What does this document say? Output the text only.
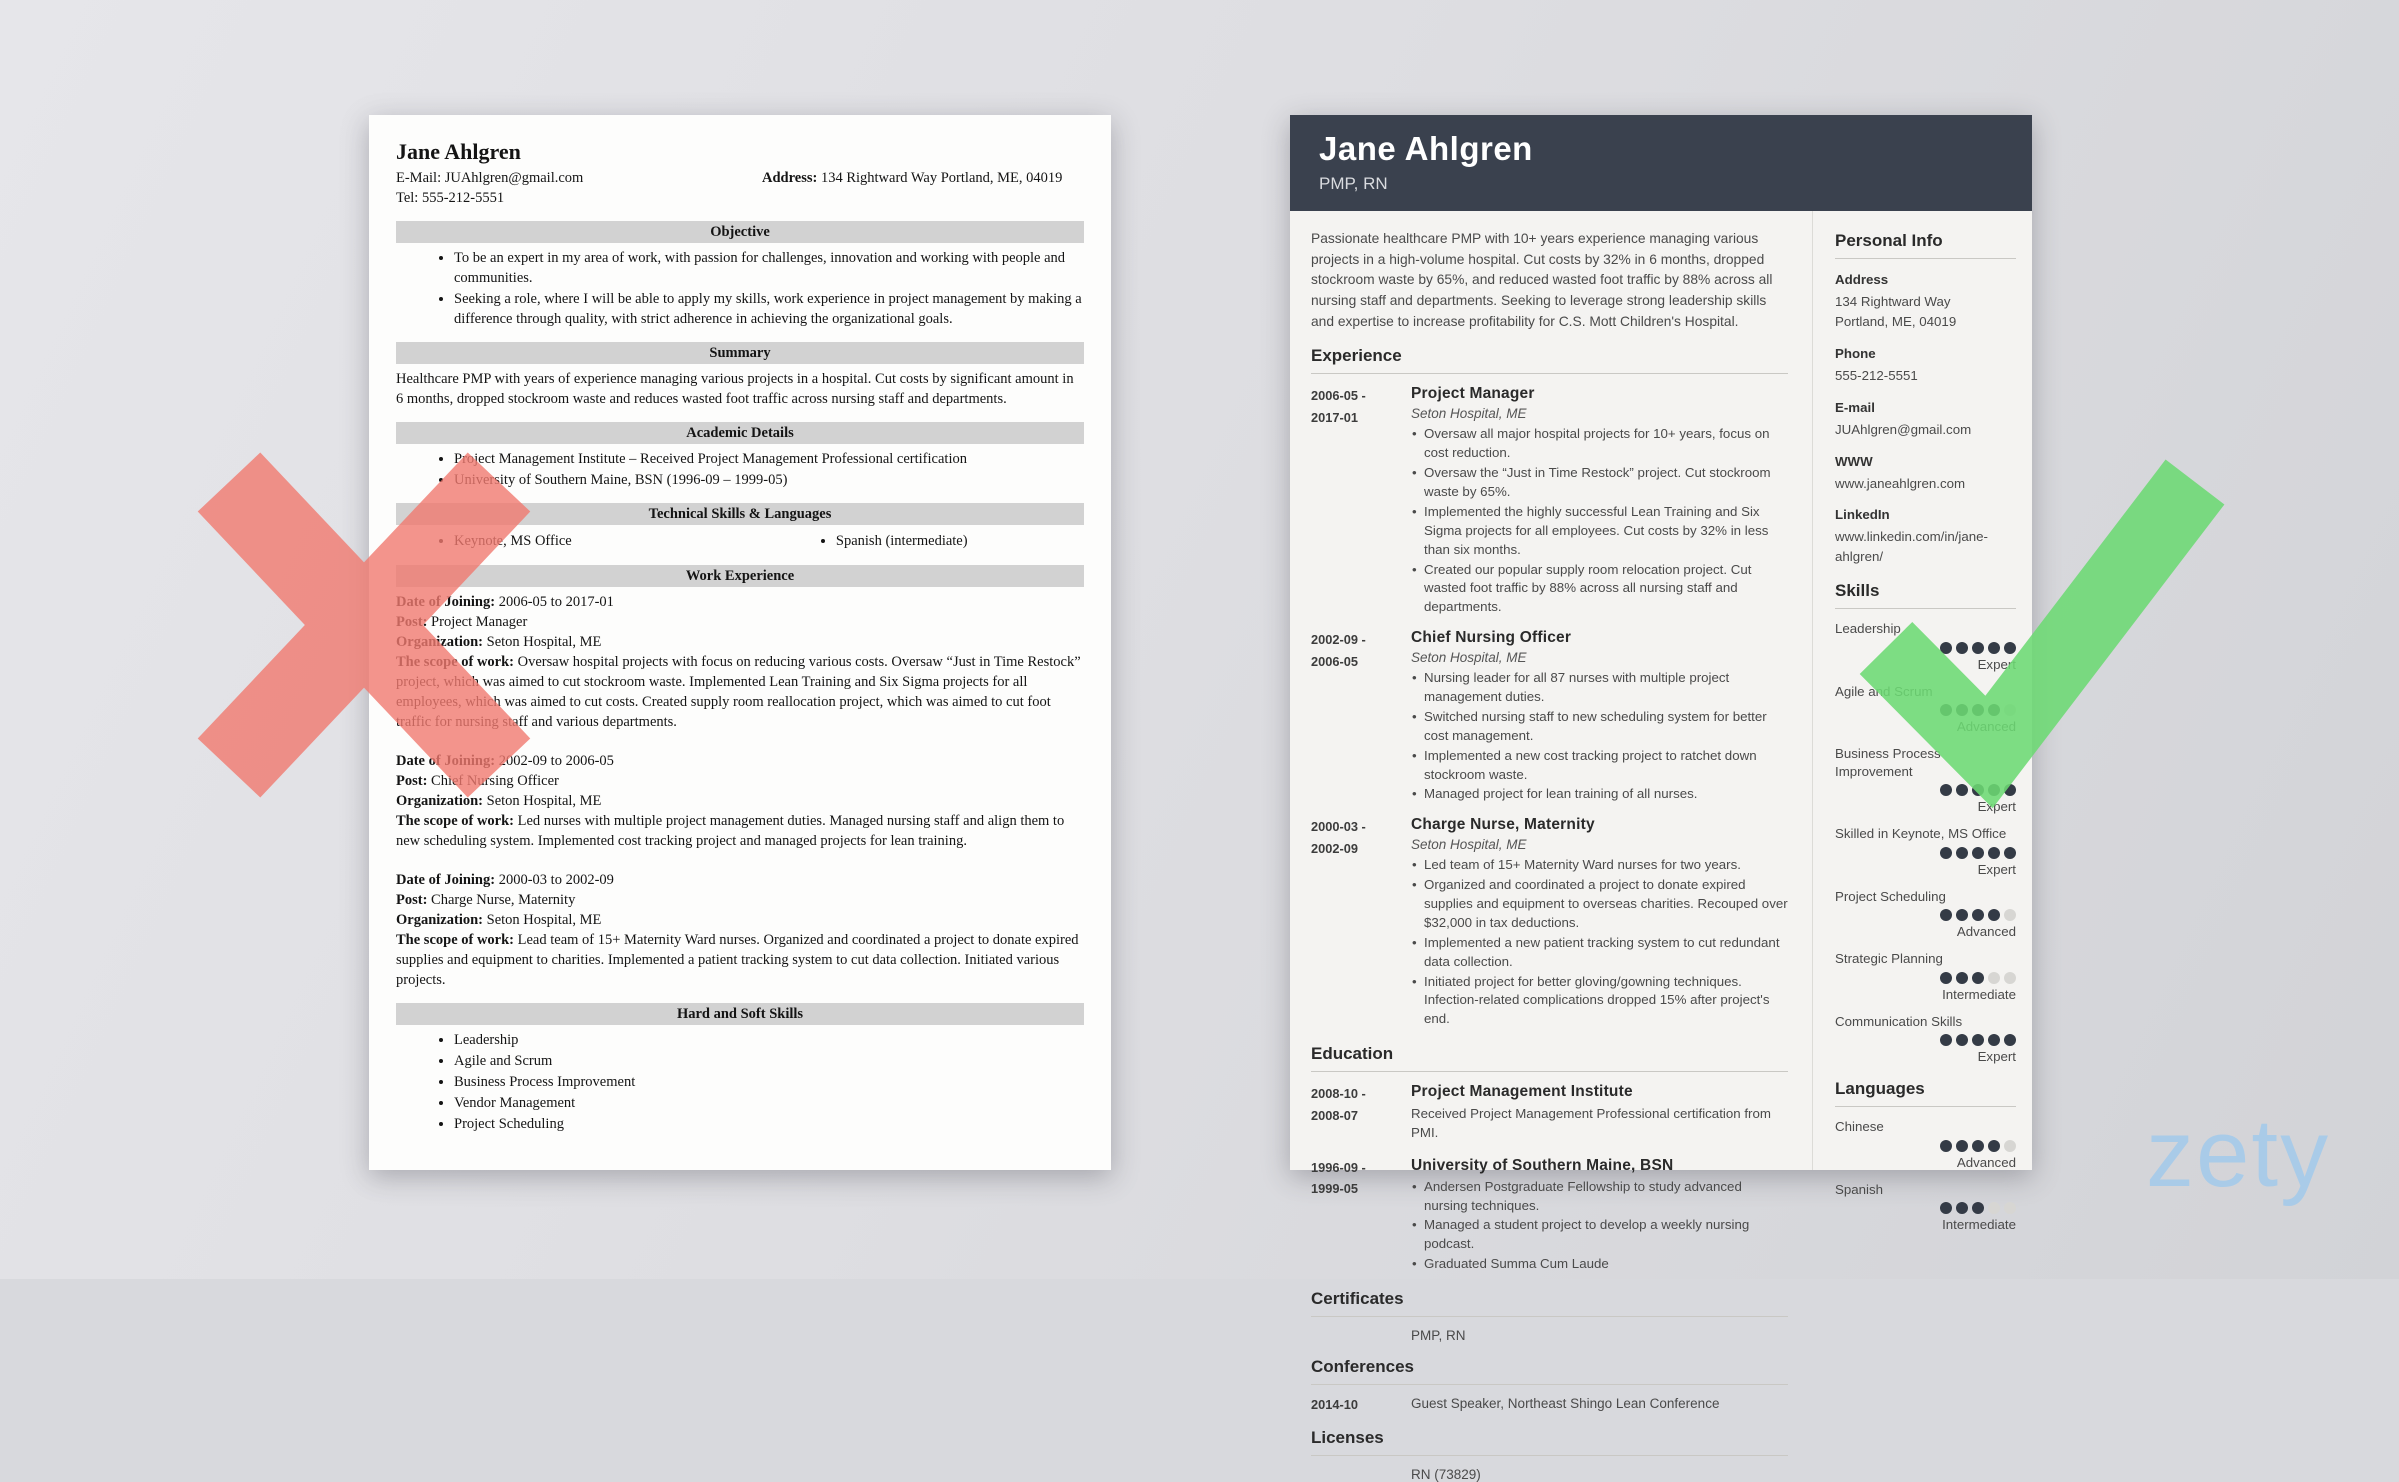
Jane Ahlgren
E-Mail: JUAhlgren@gmail.com
Tel: 555-212-5551
Address: 134 Rightward Way Portland, ME, 04019
Objective
• To be an expert in my area of work, with passion for challenges, innovation and working with people and communities.
• Seeking a role, where I will be able to apply my skills, work experience in project management by making a difference through quality, with strict adherence in achieving the organizational goals.
Summary

Healthcare PMP with years of experience managing various projects in a hospital. Cut costs by significant amount in 6 months, dropped stockroom waste and reduces wasted foot traffic across nursing staff and departments.

Academic Details
• Project Management Institute – Received Project Management Professional certification
• University of Southern Maine, BSN (1996-09 – 1999-05)
Technical Skills & Languages
• Keynote, MS Office	• Spanish (intermediate)
Work Experience
Date of Joining: 2006-05 to 2017-01
Post: Project Manager
Organization: Seton Hospital, ME
The scope of work: Oversaw hospital projects with focus on reducing various costs. Oversaw “Just in Time Restock” project, which was aimed to cut stockroom waste. Implemented Lean Training and Six Sigma projects for all employees, which was aimed to cut costs. Created supply room reallocation project, which was aimed to cut foot traffic for nursing staff and various departments.
Date of Joining: 2002-09 to 2006-05
Post: Chief Nursing Officer
Organization: Seton Hospital, ME
The scope of work: Led nurses with multiple project management duties. Managed nursing staff and align them to new scheduling system. Implemented cost tracking project and managed projects for lean training.
Date of Joining: 2000-03 to 2002-09
Post: Charge Nurse, Maternity
Organization: Seton Hospital, ME
The scope of work: Lead team of 15+ Maternity Ward nurses. Organized and coordinated a project to donate expired supplies and equipment to charities. Implemented a patient tracking system to cut data collection. Initiated various projects.
Hard and Soft Skills
• Leadership
• Agile and Scrum
• Business Process Improvement
• Vendor Management
• Project Scheduling
Jane Ahlgren
PMP, RN

Passionate healthcare PMP with 10+ years experience managing various projects in a high-volume hospital. Cut costs by 32% in 6 months, dropped stockroom waste by 65%, and reduced wasted foot traffic by 88% across all nursing staff and departments. Seeking to leverage strong leadership skills and expertise to increase profitability for C.S. Mott Children's Hospital.

Experience
2006-05 -
2017-01
Project Manager
Seton Hospital, ME
• Oversaw all major hospital projects for 10+ years, focus on cost reduction.
• Oversaw the “Just in Time Restock” project. Cut stockroom waste by 65%.
• Implemented the highly successful Lean Training and Six Sigma projects for all employees. Cut costs by 32% in less than six months.
• Created our popular supply room relocation project. Cut wasted foot traffic by 88% across all nursing staff and departments.
2002-09 -
2006-05
Chief Nursing Officer
Seton Hospital, ME
• Nursing leader for all 87 nurses with multiple project management duties.
• Switched nursing staff to new scheduling system for better cost management.
• Implemented a new cost tracking project to ratchet down stockroom waste.
• Managed project for lean training of all nurses.
2000-03 -
2002-09
Charge Nurse, Maternity
Seton Hospital, ME
• Led team of 15+ Maternity Ward nurses for two years.
• Organized and coordinated a project to donate expired supplies and equipment to overseas charities. Recouped over $32,000 in tax deductions.
• Implemented a new patient tracking system to cut redundant data collection.
• Initiated project for better gloving/gowning techniques. Infection-related complications dropped 15% after project's end.
Education
2008-10 -
2008-07
Project Management Institute
Received Project Management Professional certification from PMI.
1996-09 -
1999-05
University of Southern Maine, BSN
• Andersen Postgraduate Fellowship to study advanced nursing techniques.
• Managed a student project to develop a weekly nursing podcast.
• Graduated Summa Cum Laude
Certificates
PMP, RN
Conferences
2014-10	Guest Speaker, Northeast Shingo Lean Conference
Licenses
RN (73829)
Personal Info
Address
134 Rightward Way
Portland, ME, 04019
Phone
555-212-5551
E-mail
JUAhlgren@gmail.com
WWW
www.janeahlgren.com
LinkedIn
www.linkedin.com/in/jane-ahlgren/
Skills
Leadership
Expert
Agile and Scrum
Advanced
Business Process Improvement
Expert
Skilled in Keynote, MS Office
Expert
Project Scheduling
Advanced
Strategic Planning
Intermediate
Communication Skills
Expert
Languages
Chinese
Advanced
Spanish
Intermediate
zety
